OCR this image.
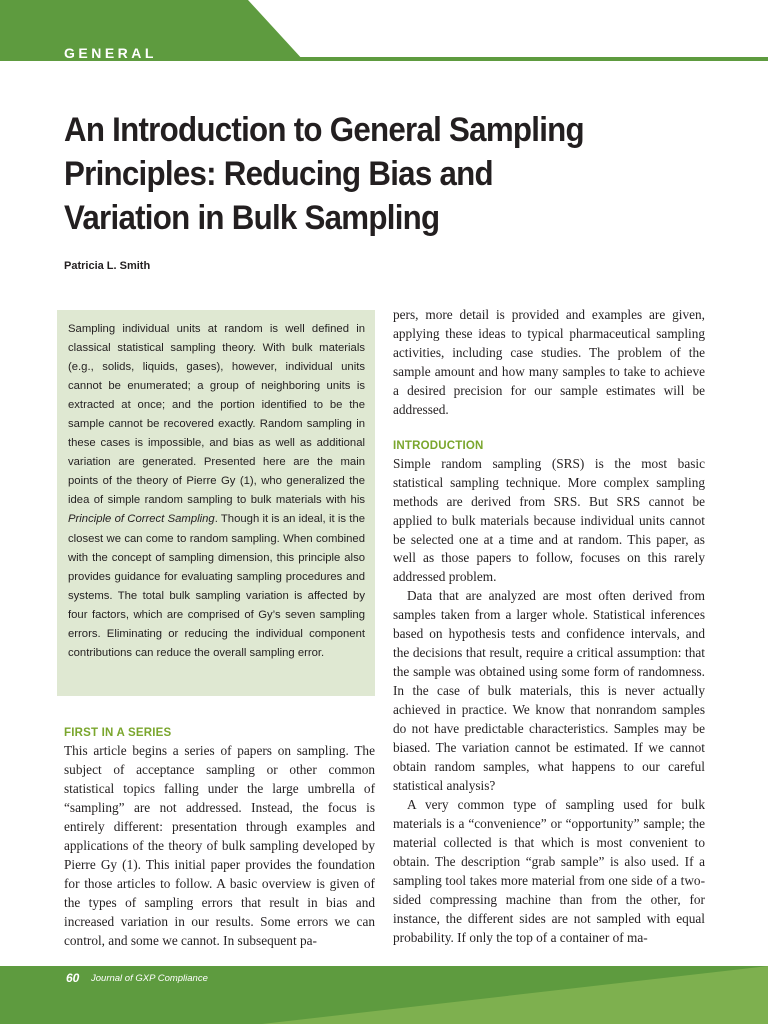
GENERAL
An Introduction to General Sampling
Principles: Reducing Bias and
Variation in Bulk Sampling
Patricia L. Smith

Sampling individual units at random is well defined in classical statistical sampling theory. With bulk materials (e.g., solids, liquids, gases), however, individual units cannot be enumerated; a group of neighboring units is extracted at once; and the portion identified to be the sample cannot be recovered exactly. Random sampling in these cases is impossible, and bias as well as additional variation are generated. Presented here are the main points of the theory of Pierre Gy (1), who generalized the idea of simple random sampling to bulk materials with his Principle of Correct Sampling. Though it is an ideal, it is the closest we can come to random sampling. When combined with the concept of sampling dimension, this principle also provides guidance for evaluating sampling procedures and systems. The total bulk sampling variation is affected by four factors, which are comprised of Gy’s seven sampling errors. Eliminating or reducing the individual component contributions can reduce the overall sampling error.

FIRST IN A SERIES

This article begins a series of papers on sampling. The subject of acceptance sampling or other common statistical topics falling under the large umbrella of “sampling” are not addressed. Instead, the focus is entirely different: presentation through examples and applications of the theory of bulk sampling developed by Pierre Gy (1). This initial paper provides the foundation for those articles to follow. A basic overview is given of the types of sampling errors that result in bias and increased variation in our results. Some errors we can control, and some we cannot. In subsequent pa-

pers, more detail is provided and examples are given, applying these ideas to typical pharmaceutical sampling activities, including case studies. The problem of the sample amount and how many samples to take to achieve a desired precision for our sample estimates will be addressed.

INTRODUCTION

Simple random sampling (SRS) is the most basic statistical sampling technique. More complex sampling methods are derived from SRS. But SRS cannot be applied to bulk materials because individual units cannot be selected one at a time and at random. This paper, as well as those papers to follow, focuses on this rarely addressed problem.

Data that are analyzed are most often derived from samples taken from a larger whole. Statistical inferences based on hypothesis tests and confidence intervals, and the decisions that result, require a critical assumption: that the sample was obtained using some form of randomness. In the case of bulk materials, this is never actually achieved in practice. We know that nonrandom samples do not have predictable characteristics. Samples may be biased. The variation cannot be estimated. If we cannot obtain random samples, what happens to our careful statistical analysis?

A very common type of sampling used for bulk materials is a “convenience” or “opportunity” sample; the material collected is that which is most convenient to obtain. The description “grab sample” is also used. If a sampling tool takes more material from one side of a two-sided compressing machine than from the other, for instance, the different sides are not sampled with equal probability. If only the top of a container of ma-

60 Journal of GXP Compliance
